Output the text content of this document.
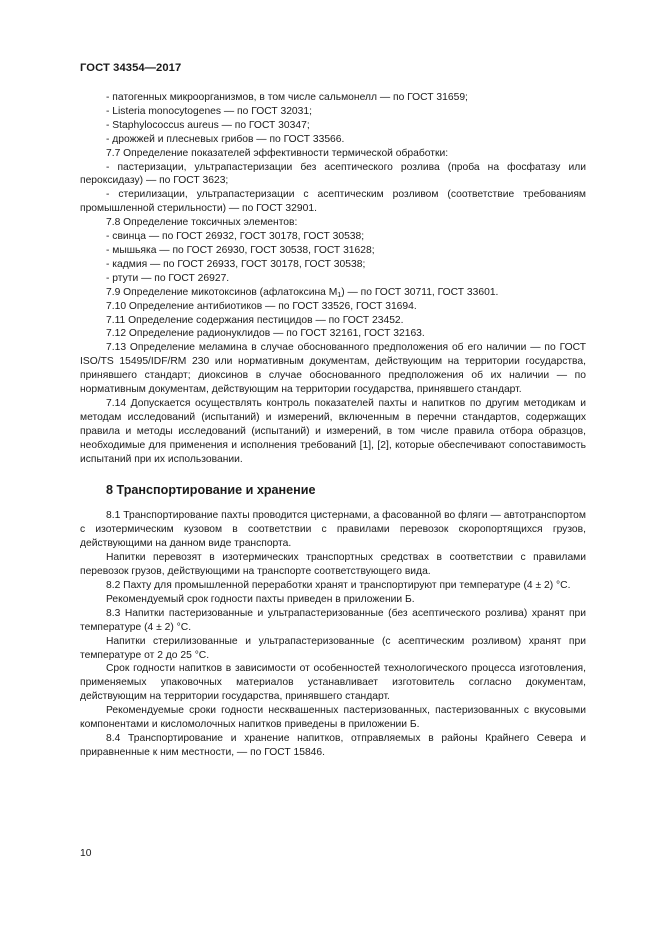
ГОСТ 34354—2017

- патогенных микроорганизмов, в том числе сальмонелл — по ГОСТ 31659;

- Listeria monocytogenes — по ГОСТ 32031;

- Staphylococcus aureus — по ГОСТ 30347;

- дрожжей и плесневых грибов — по ГОСТ 33566.

7.7 Определение показателей эффективности термической обработки:

- пастеризации, ультрапастеризации без асептического розлива (проба на фосфатазу или пероксидазу) — по ГОСТ 3623;

- стерилизации, ультрапастеризации с асептическим розливом (соответствие требованиям промышленной стерильности) — по ГОСТ 32901.

7.8 Определение токсичных элементов:

- свинца — по ГОСТ 26932, ГОСТ 30178, ГОСТ 30538;

- мышьяка — по ГОСТ 26930, ГОСТ 30538, ГОСТ 31628;

- кадмия — по ГОСТ 26933, ГОСТ 30178, ГОСТ 30538;

- ртути — по ГОСТ 26927.

7.9 Определение микотоксинов (афлатоксина $M_1$) — по ГОСТ 30711, ГОСТ 33601.

7.10 Определение антибиотиков — по ГОСТ 33526, ГОСТ 31694.

7.11 Определение содержания пестицидов — по ГОСТ 23452.

7.12 Определение радионуклидов — по ГОСТ 32161, ГОСТ 32163.

7.13 Определение меламина в случае обоснованного предположения об его наличии — по ГОСТ ISO/TS 15495/IDF/RM 230 или нормативным документам, действующим на территории государства, принявшего стандарт; диоксинов в случае обоснованного предположения об их наличии — по нормативным документам, действующим на территории государства, принявшего стандарт.

7.14 Допускается осуществлять контроль показателей пахты и напитков по другим методикам и методам исследований (испытаний) и измерений, включенным в перечни стандартов, содержащих правила и методы исследований (испытаний) и измерений, в том числе правила отбора образцов, необходимые для применения и исполнения требований [1], [2], которые обеспечивают сопоставимость испытаний при их использовании.

8 Транспортирование и хранение

8.1 Транспортирование пахты проводится цистернами, а фасованной во фляги — автотранспортом с изотермическим кузовом в соответствии с правилами перевозок скоропортящихся грузов, действующими на данном виде транспорта.

Напитки перевозят в изотермических транспортных средствах в соответствии с правилами перевозок грузов, действующими на транспорте соответствующего вида.

8.2 Пахту для промышленной переработки хранят и транспортируют при температуре (4 ± 2) °С.

Рекомендуемый срок годности пахты приведен в приложении Б.

8.3 Напитки пастеризованные и ультрапастеризованные (без асептического розлива) хранят при температуре (4 ± 2) °С.

Напитки стерилизованные и ультрапастеризованные (с асептическим розливом) хранят при температуре от 2 до 25 °С.

Срок годности напитков в зависимости от особенностей технологического процесса изготовления, применяемых упаковочных материалов устанавливает изготовитель согласно документам, действующим на территории государства, принявшего стандарт.

Рекомендуемые сроки годности несквашенных пастеризованных, пастеризованных с вкусовыми компонентами и кисломолочных напитков приведены в приложении Б.

8.4 Транспортирование и хранение напитков, отправляемых в районы Крайнего Севера и приравненные к ним местности, — по ГОСТ 15846.

10
